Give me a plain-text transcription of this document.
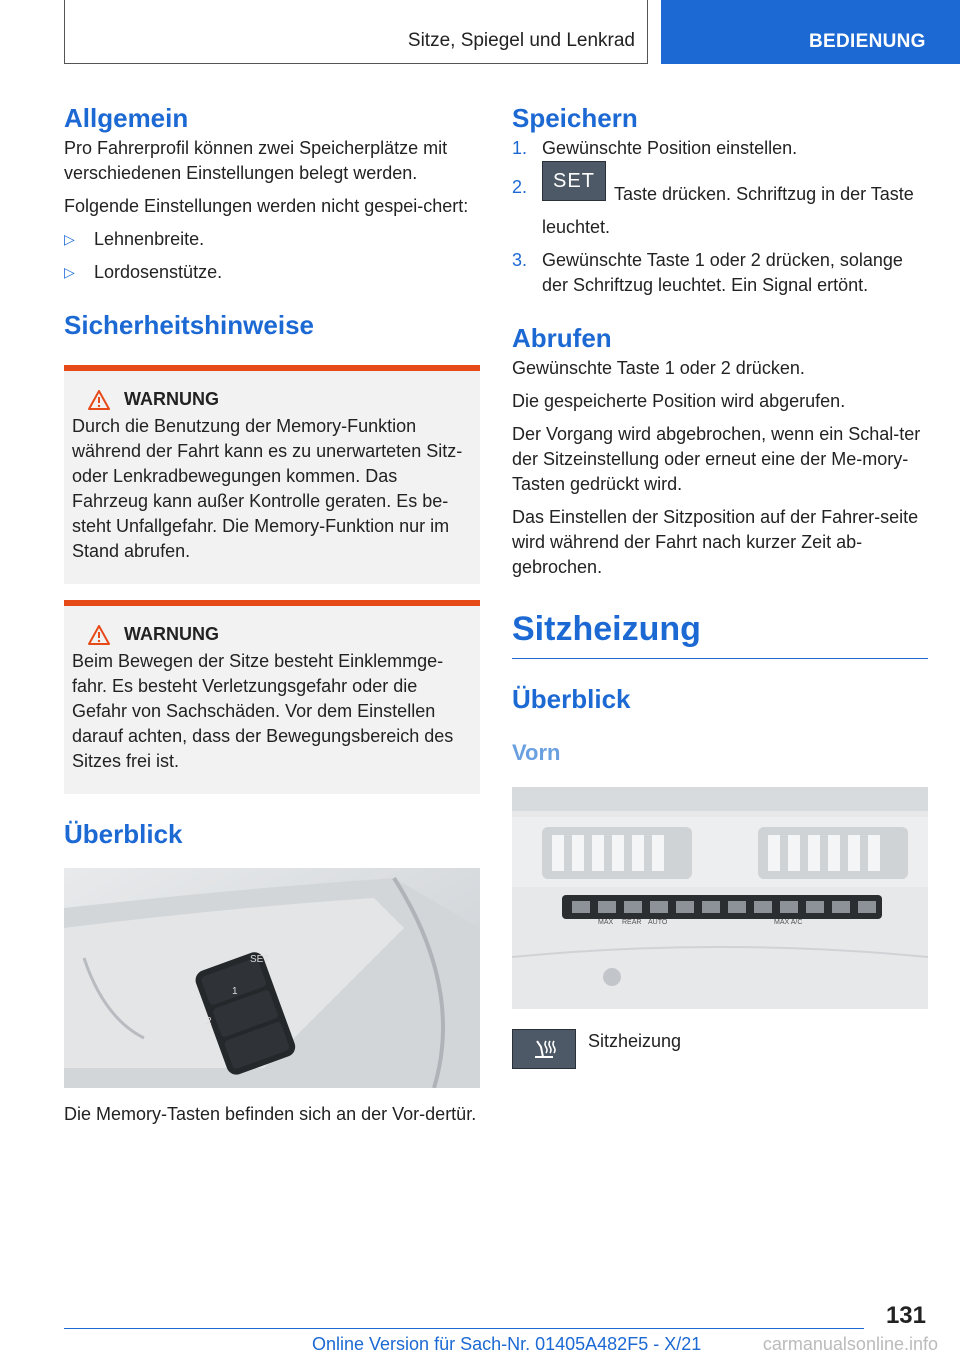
Sitze, Spiegel und Lenkrad	BEDIENUNG
Allgemein

Pro Fahrerprofil können zwei Speicherplätze mit verschiedenen Einstellungen belegt werden.

Folgende Einstellungen werden nicht gespei-chert:

▷ Lehnenbreite.
▷ Lordosenstütze.
Sicherheitshinweise
WARNUNG

Durch die Benutzung der Memory-Funktion während der Fahrt kann es zu unerwarteten Sitz- oder Lenkradbewegungen kommen. Das Fahrzeug kann außer Kontrolle geraten. Es be-steht Unfallgefahr. Die Memory-Funktion nur im Stand abrufen.

WARNUNG

Beim Bewegen der Sitze besteht Einklemmge-fahr. Es besteht Verletzungsgefahr oder die Gefahr von Sachschäden. Vor dem Einstellen darauf achten, dass der Bewegungsbereich des Sitzes frei ist.

Überblick
SET
1
2

Die Memory-Tasten befinden sich an der Vor-dertür.

Speichern
1. Gewünschte Position einstellen.
2. SETTaste drücken. Schriftzug in der Taste leuchtet.
3. Gewünschte Taste 1 oder 2 drücken, solange der Schriftzug leuchtet. Ein Signal ertönt.
Abrufen

Gewünschte Taste 1 oder 2 drücken.

Die gespeicherte Position wird abgerufen.

Der Vorgang wird abgebrochen, wenn ein Schal-ter der Sitzeinstellung oder erneut eine der Me-mory-Tasten gedrückt wird.

Das Einstellen der Sitzposition auf der Fahrer-seite wird während der Fahrt nach kurzer Zeit ab-gebrochen.

Sitzheizung
Überblick
Vorn
MAX REAR AUTO	MAX A/C
Sitzheizung
131
Online Version für Sach-Nr. 01405A482F5 - X/21	carmanualsonline.info
